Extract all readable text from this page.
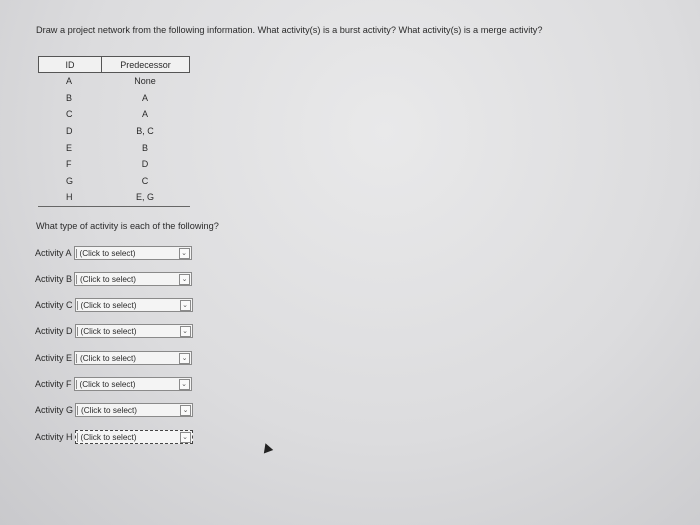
Draw a project network from the following information. What activity(s) is a burst activity? What activity(s) is a merge activity?
ID	Predecessor
A	None
B	A
C	A
D	B, C
E	B
F	D
G	C
H	E, G
What type of activity is each of the following?
Activity A (Click to select)	⌄
Activity B (Click to select)	⌄
Activity C (Click to select)	⌄
Activity D (Click to select)	⌄
Activity E (Click to select)	⌄
Activity F (Click to select)	⌄
Activity G (Click to select)	⌄
Activity H (Click to select)	⌄
